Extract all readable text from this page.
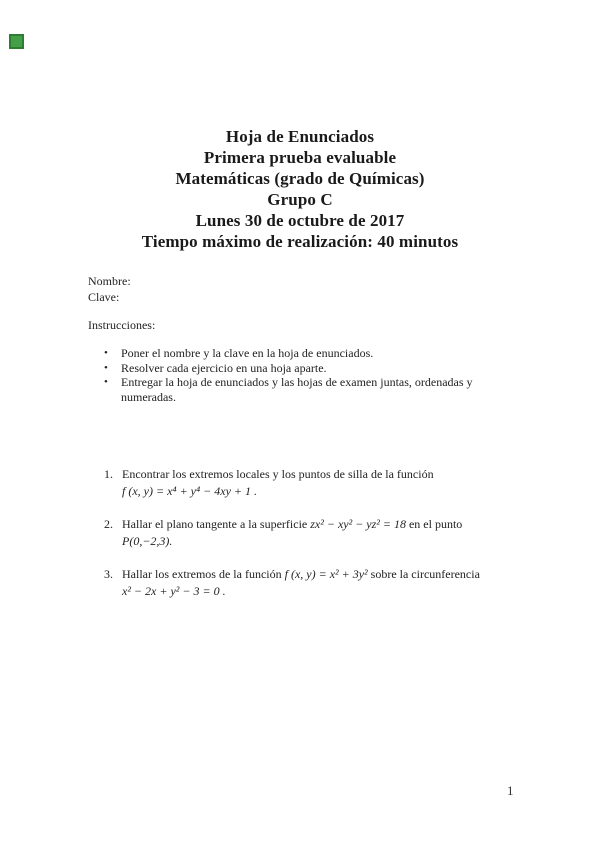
Hoja de Enunciados
Primera prueba evaluable
Matemáticas (grado de Químicas)
Grupo C
Lunes 30 de octubre de 2017
Tiempo máximo de realización: 40 minutos
Nombre:
Clave:
Instrucciones:
•	Poner el nombre y la clave en la hoja de enunciados.
•	Resolver cada ejercicio en una hoja aparte.
•	Entregar la hoja de enunciados y las hojas de examen juntas, ordenadas y numeradas.
1. Encontrar los extremos locales y los puntos de silla de la función
f (x, y) = x⁴ + y⁴ − 4xy + 1 .
2. Hallar el plano tangente a la superficie zx² − xy² − yz² = 18 en el punto
P(0,−2,3).
3. Hallar los extremos de la función f (x, y) = x² + 3y² sobre la circunferencia
x² − 2x + y² − 3 = 0 .
1
